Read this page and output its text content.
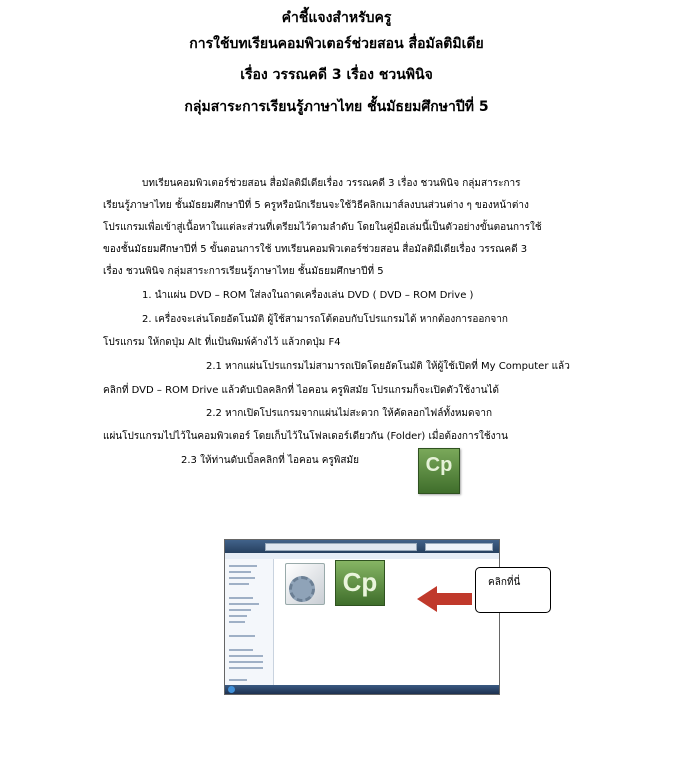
คำชี้แจงสำหรับครู
การใช้บทเรียนคอมพิวเตอร์ช่วยสอน สื่อมัลติมิเดีย
เรื่อง วรรณคดี 3 เรื่อง ชวนพินิจ
กลุ่มสาระการเรียนรู้ภาษาไทย ชั้นมัธยมศึกษาปีที่ 5
บทเรียนคอมพิวเตอร์ช่วยสอน สื่อมัลติมีเดียเรื่อง วรรณคดี 3 เรื่อง ชวนพินิจ กลุ่มสาระการ
เรียนรู้ภาษาไทย ชั้นมัธยมศึกษาปีที่ 5 ครูหรือนักเรียนจะใช้วิธีคลิกเมาส์ลงบนส่วนต่าง ๆ ของหน้าต่าง
โปรแกรมเพื่อเข้าสู่เนื้อหาในแต่ละส่วนที่เตรียมไว้ตามลำดับ โดยในคู่มือเล่มนี้เป็นตัวอย่างขั้นตอนการใช้
ของชั้นมัธยมศึกษาปีที่ 5 ขั้นตอนการใช้ บทเรียนคอมพิวเตอร์ช่วยสอน สื่อมัลติมีเดียเรื่อง วรรณคดี 3
เรื่อง ชวนพินิจ กลุ่มสาระการเรียนรู้ภาษาไทย ชั้นมัธยมศึกษาปีที่ 5
1. นำแผ่น DVD – ROM ใส่ลงในถาดเครื่องเล่น DVD ( DVD – ROM Drive )
2. เครื่องจะเล่นโดยอัตโนมัติ ผู้ใช้สามารถโต้ตอบกับโปรแกรมได้ หากต้องการออกจาก
โปรแกรม ให้กดปุ่ม Alt ที่แป้นพิมพ์ค้างไว้ แล้วกดปุ่ม F4
2.1 หากแผ่นโปรแกรมไม่สามารถเปิดโดยอัตโนมัติ ให้ผู้ใช้เปิดที่ My Computer แล้ว
คลิกที่ DVD – ROM Drive แล้วดับเบิลคลิกที่ ไอคอน ครูพิสมัย โปรแกรมก็จะเปิดตัวใช้งานได้
2.2 หากเปิดโปรแกรมจากแผ่นไม่สะดวก ให้คัดลอกไฟล์ทั้งหมดจาก
แผ่นโปรแกรมไปไว้ในคอมพิวเตอร์ โดยเก็บไว้ในโฟลเดอร์เดียวกัน (Folder) เมื่อต้องการใช้งาน
2.3 ให้ท่านดับเบิ้ลคลิกที่ ไอคอน ครูพิสมัย	Cp
Cp	คลิกที่นี่
